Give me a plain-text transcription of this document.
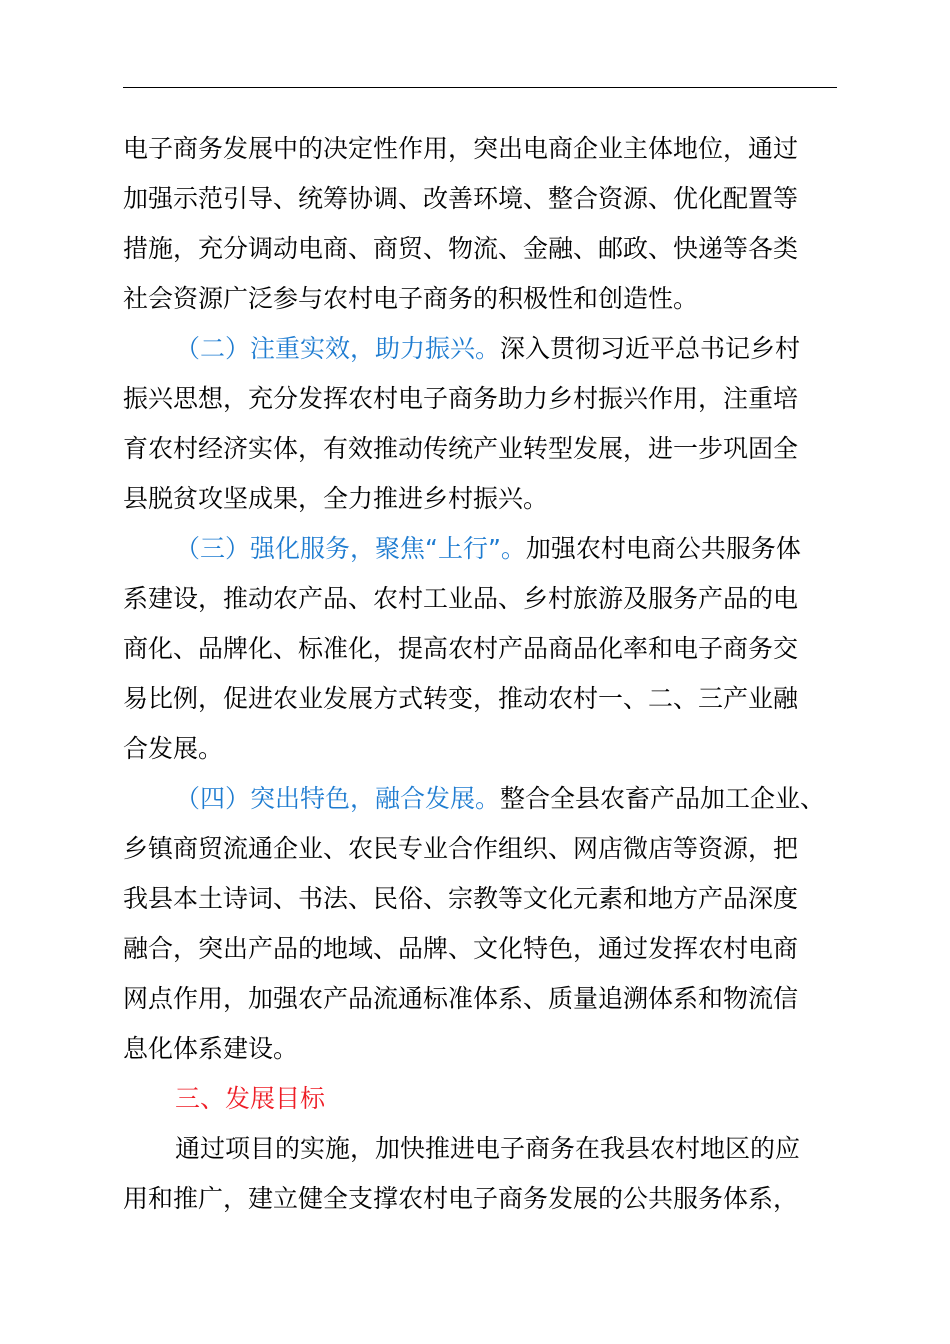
电子商务发展中的决定性作用，突出电商企业主体地位，通过
加强示范引导、统筹协调、改善环境、整合资源、优化配置等
措施，充分调动电商、商贸、物流、金融、邮政、快递等各类
社会资源广泛参与农村电子商务的积极性和创造性。
（二）注重实效，助力振兴。深入贯彻习近平总书记乡村
振兴思想，充分发挥农村电子商务助力乡村振兴作用，注重培
育农村经济实体，有效推动传统产业转型发展，进一步巩固全
县脱贫攻坚成果，全力推进乡村振兴。
（三）强化服务，聚焦“上行”。加强农村电商公共服务体
系建设，推动农产品、农村工业品、乡村旅游及服务产品的电
商化、品牌化、标准化，提高农村产品商品化率和电子商务交
易比例，促进农业发展方式转变，推动农村一、二、三产业融
合发展。
（四）突出特色，融合发展。整合全县农畜产品加工企业、
乡镇商贸流通企业、农民专业合作组织、网店微店等资源，把
我县本土诗词、书法、民俗、宗教等文化元素和地方产品深度
融合，突出产品的地域、品牌、文化特色，通过发挥农村电商
网点作用，加强农产品流通标准体系、质量追溯体系和物流信
息化体系建设。
三、发展目标
通过项目的实施，加快推进电子商务在我县农村地区的应
用和推广，建立健全支撑农村电子商务发展的公共服务体系，
